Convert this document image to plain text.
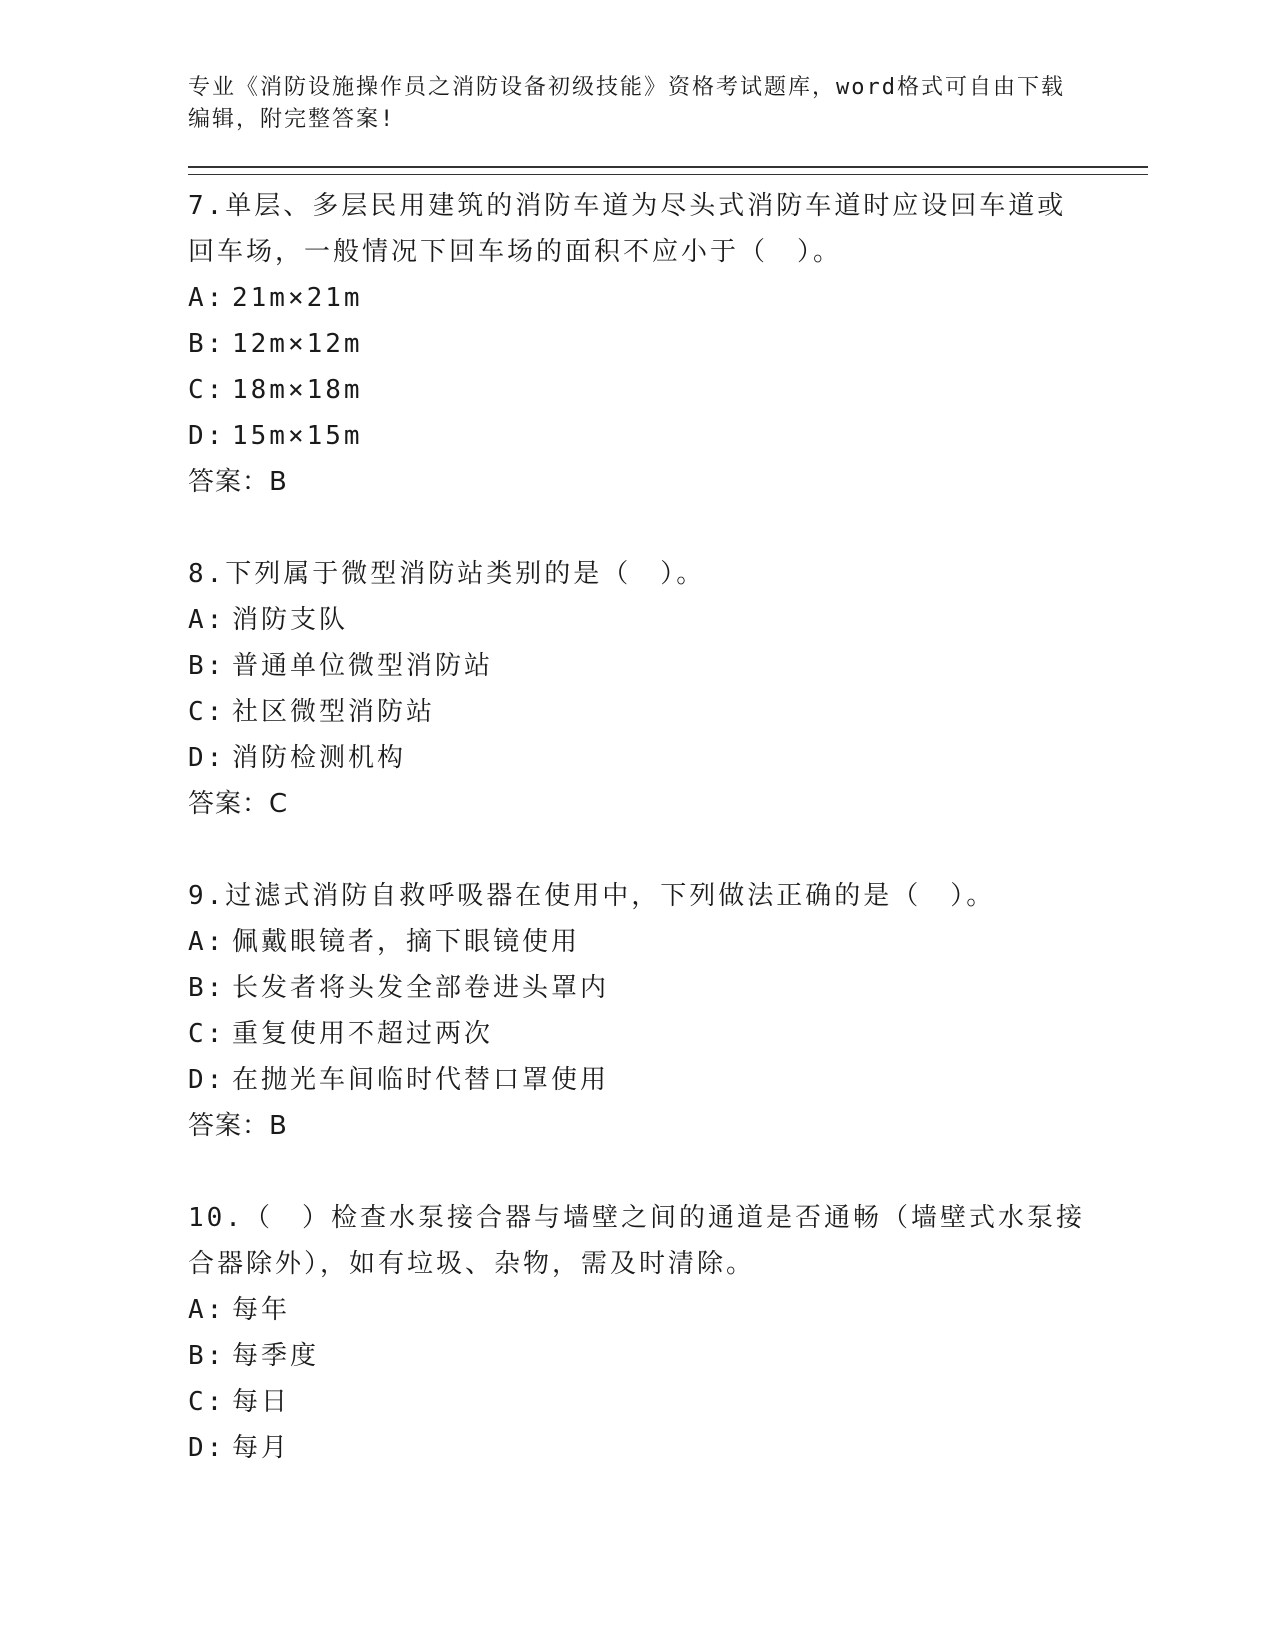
专业《消防设施操作员之消防设备初级技能》资格考试题库，word格式可自由下载编辑，附完整答案!
7.单层、多层民用建筑的消防车道为尽头式消防车道时应设回车道或回车场，一般情况下回车场的面积不应小于（　）。
A: 21m×21m
B: 12m×12m
C: 18m×18m
D: 15m×15m
答案：B
8.下列属于微型消防站类别的是（　）。
A: 消防支队
B: 普通单位微型消防站
C: 社区微型消防站
D: 消防检测机构
答案：C
9.过滤式消防自救呼吸器在使用中，下列做法正确的是（　）。
A: 佩戴眼镜者，摘下眼镜使用
B: 长发者将头发全部卷进头罩内
C: 重复使用不超过两次
D: 在抛光车间临时代替口罩使用
答案：B
10.（　）检查水泵接合器与墙壁之间的通道是否通畅（墙壁式水泵接合器除外），如有垃圾、杂物，需及时清除。
A: 每年
B: 每季度
C: 每日
D: 每月
